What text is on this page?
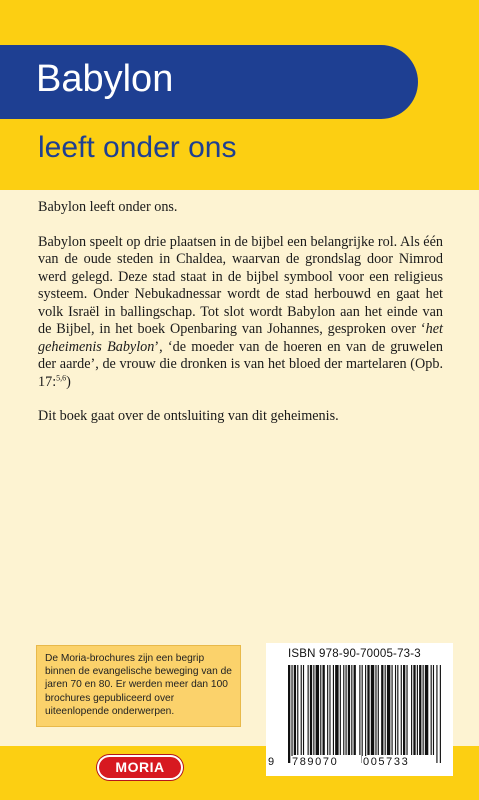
Babylon
leeft onder ons

Babylon leeft onder ons.

Babylon speelt op drie plaatsen in de bijbel een belangrijke rol. Als één van de oude steden in Chaldea, waarvan de grondslag door Nimrod werd gelegd. Deze stad staat in de bijbel symbool voor een religieus systeem. Onder Nebukadnessar wordt de stad herbouwd en gaat het volk Israël in ballingschap. Tot slot wordt Babylon aan het einde van de Bijbel, in het boek Openbaring van Johannes, gesproken over ‘het geheimenis Babylon’, ‘de moeder van de hoeren en van de gruwelen der aarde’, de vrouw die dronken is van het bloed der martelaren (Opb. 17:$^{5,6}$)

Dit boek gaat over de ontsluiting van dit geheimenis.

De Moria-brochures zijn een begrip binnen de evangelische beweging van de jaren 70 en 80. Er werden meer dan 100 brochures gepubliceerd over uiteenlopende onderwerpen.
MORIA
ISBN 978-90-70005-73-3
9 789070 005733
